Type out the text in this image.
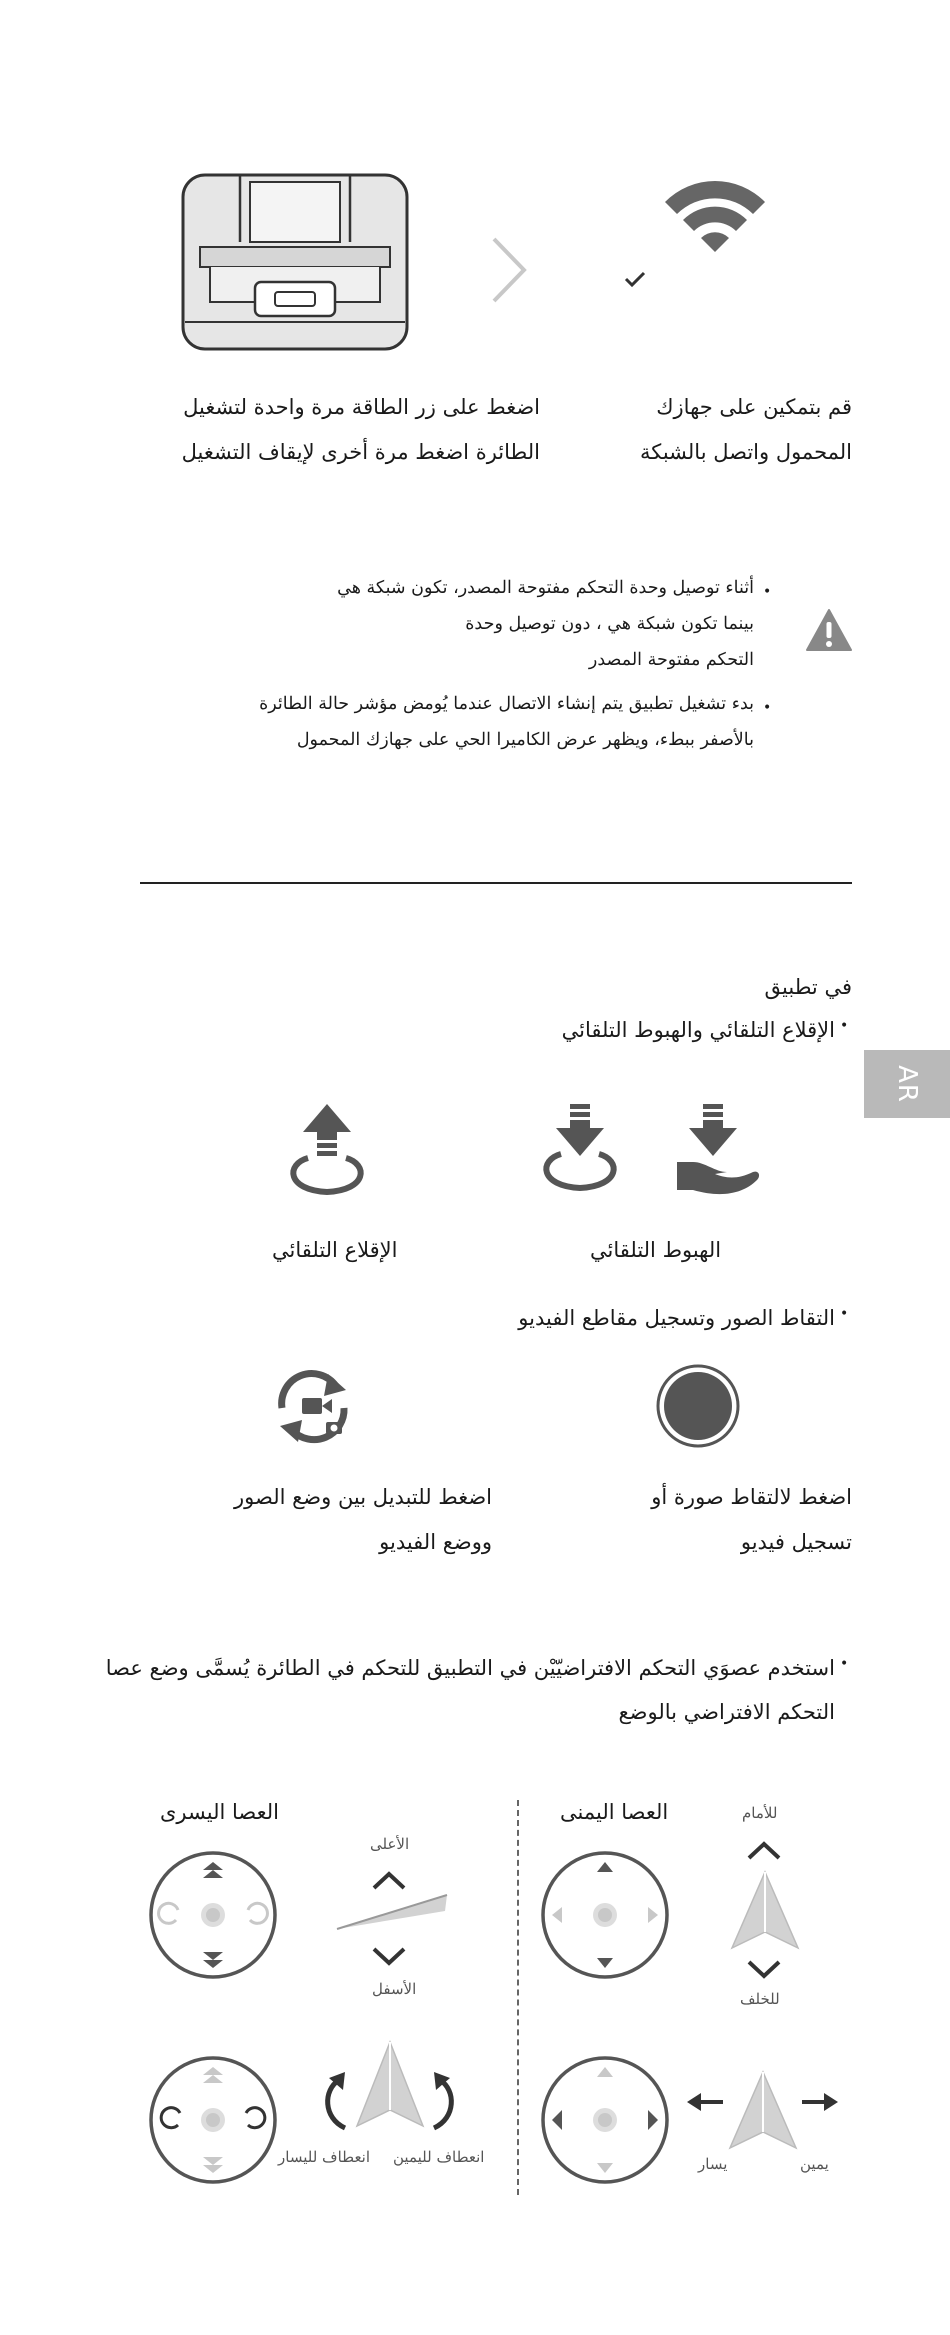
قم بتمكين على جهازك
المحمول واتصل بالشبكة
اضغط على زر الطاقة مرة واحدة لتشغيل
الطائرة اضغط مرة أخرى لإيقاف التشغيل
•
أثناء توصيل وحدة التحكم مفتوحة المصدر، تكون شبكة هي
بينما تكون شبكة هي ، دون توصيل وحدة
التحكم مفتوحة المصدر
•
بدء تشغيل تطبيق يتم إنشاء الاتصال عندما يُومض مؤشر حالة الطائرة
بالأصفر ببطء، ويظهر عرض الكاميرا الحي على جهازك المحمول
AR
في تطبيق
•
الإقلاع التلقائي والهبوط التلقائي
الهبوط التلقائي
الإقلاع التلقائي
•
التقاط الصور وتسجيل مقاطع الفيديو
اضغط لالتقاط صورة أو
تسجيل فيديو
اضغط للتبديل بين وضع الصور
ووضع الفيديو
•
استخدم عصوَي التحكم الافتراضيّيْن في التطبيق للتحكم في الطائرة يُسمَّى وضع عصا
التحكم الافتراضي بالوضع
العصا اليمنى
العصا اليسرى	للأمام
للخلف
الأعلى
الأسفل
يمين
يسار
انعطاف لليمين
انعطاف لليسار
